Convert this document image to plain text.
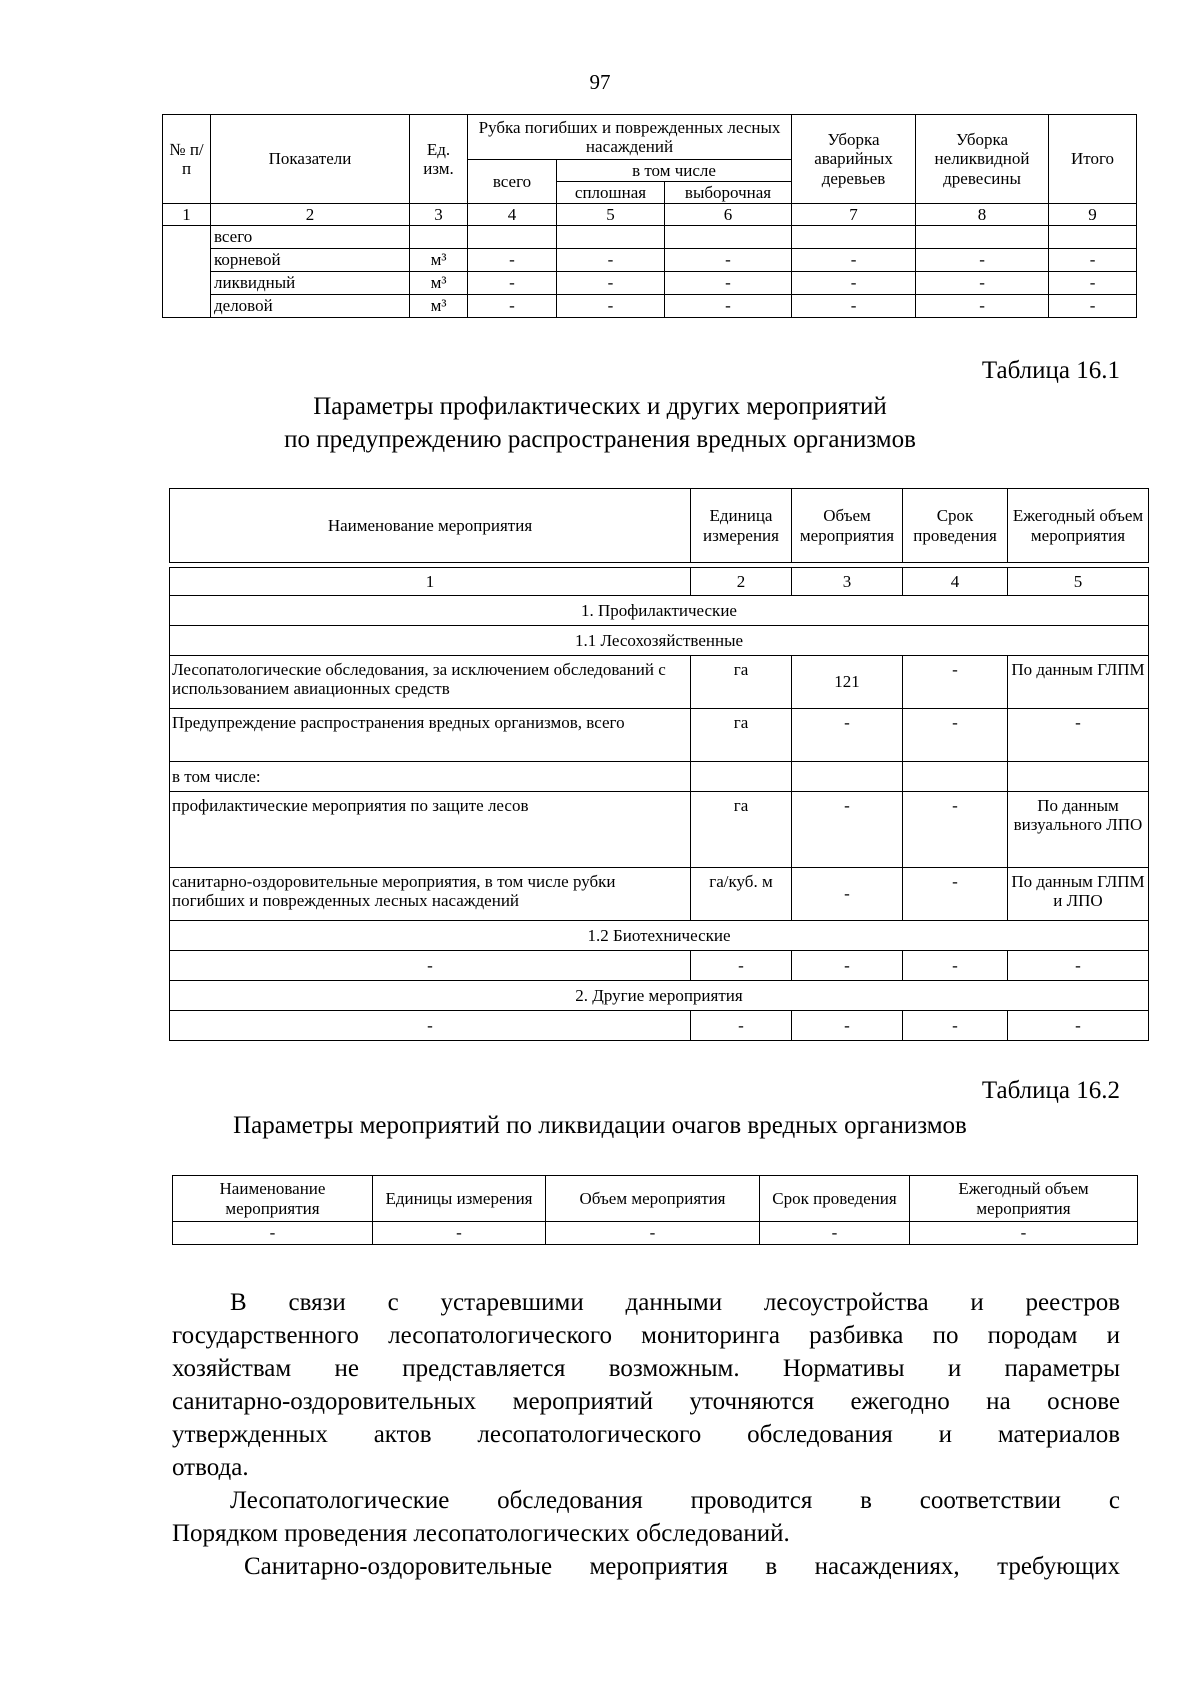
97
№ п/п	Показатели	Ед. изм.	Рубка погибших и поврежденных лесных насаждений			Уборка аварийных деревьев	Уборка неликвидной древесины	Итого
			всего	в том числе				
				сплошная	выборочная			
1	2	3	4	5	6	7	8	9
	всего							
	корневой	м³	-	-	-	-	-	-
	ликвидный	м³	-	-	-	-	-	-
	деловой	м³	-	-	-	-	-	-
Таблица 16.1
Параметры профилактических и других мероприятий
по предупреждению распространения вредных организмов
Наименование мероприятия	Единица измерения	Объем мероприятия	Срок проведения	Ежегодный объем мероприятия

1	2	3	4	5
1. Профилактические				
1.1 Лесохозяйственные				
Лесопатологические обследования, за исключением обследований с использованием авиационных средств	га	121	-	По данным ГЛПМ
Предупреждение распространения вредных организмов, всего	га	-	-	-
в том числе:				
профилактические мероприятия по защите лесов	га	-	-	По данным визуального ЛПО
санитарно-оздоровительные мероприятия, в том числе рубки погибших и поврежденных лесных насаждений	га/куб. м	-	-	По данным ГЛПМ и ЛПО
1.2 Биотехнические				
-	-	-	-	-
2. Другие мероприятия				
-	-	-	-	-
Таблица 16.2
Параметры мероприятий по ликвидации очагов вредных организмов
Наименование мероприятия	Единицы измерения	Объем мероприятия	Срок проведения	Ежегодный объем мероприятия
-	-	-	-	-
В связи с устаревшими данными лесоустройства и реестров
государственного лесопатологического мониторинга разбивка по породам и
хозяйствам не представляется возможным. Нормативы и параметры
санитарно-оздоровительных мероприятий уточняются ежегодно на основе
утвержденных актов лесопатологического обследования и материалов
отвода.
Лесопатологические обследования проводится в соответствии с
Порядком проведения лесопатологических обследований.
Санитарно-оздоровительные мероприятия в насаждениях, требующих
